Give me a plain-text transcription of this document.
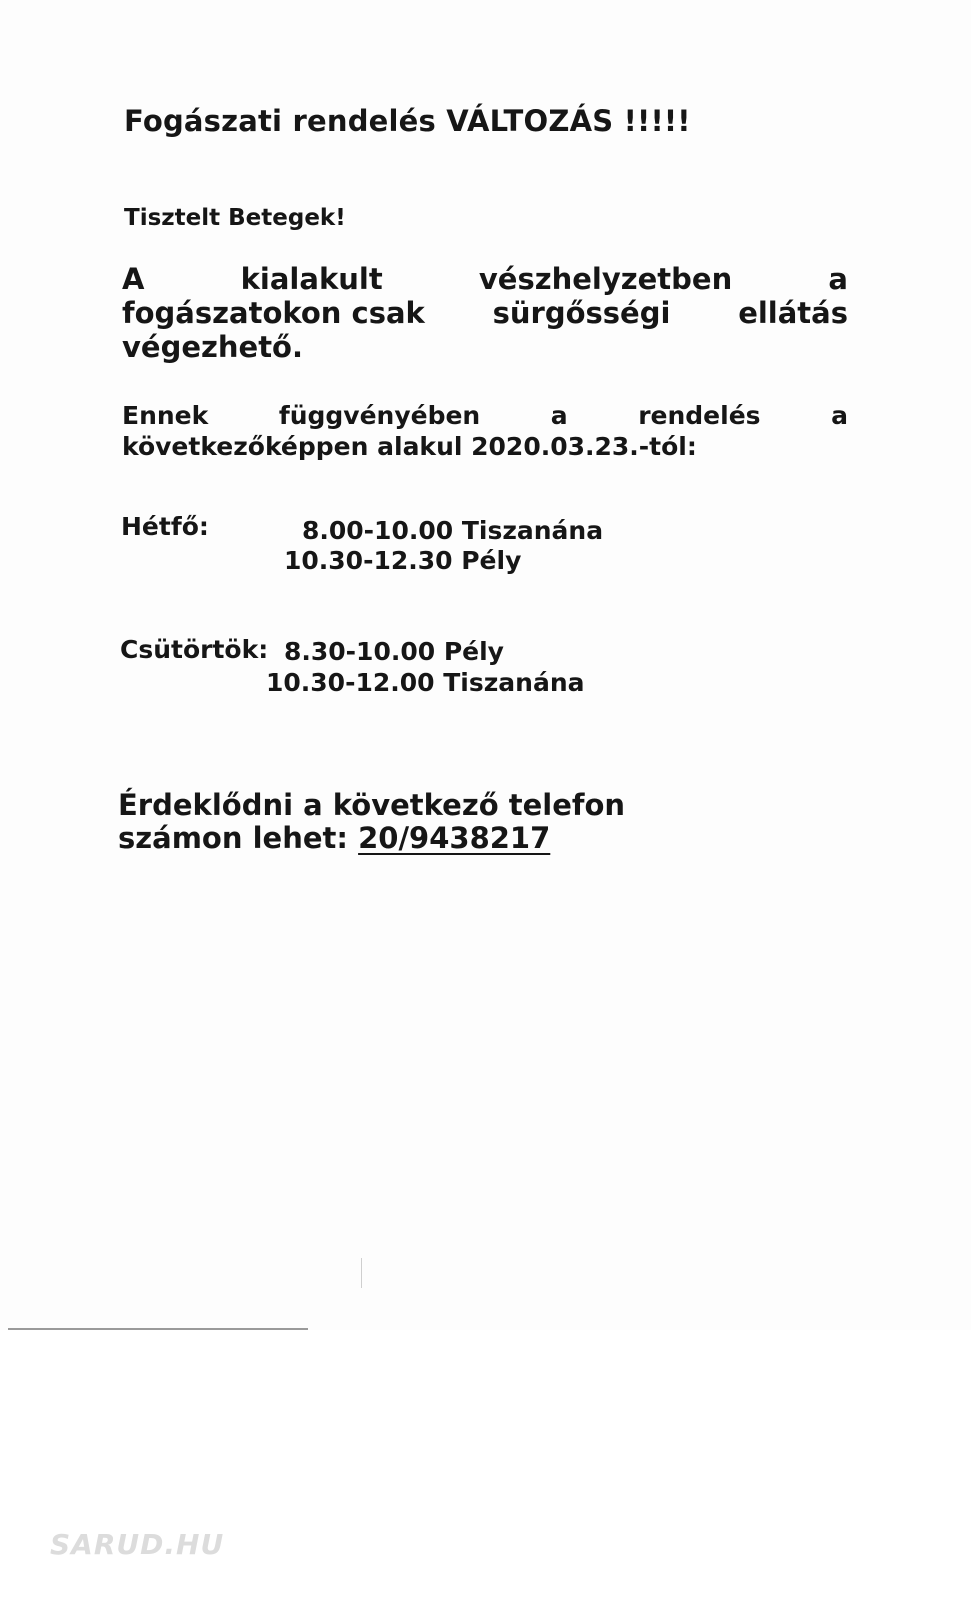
Fogászati rendelés VÁLTOZÁS !!!!!
Tisztelt Betegek!
A	kialakult	vészhelyzetben	a
fogászatokon csak sürgősségi ellátás
végezhető.
Ennek	függvényében	a	rendelés	a
következőképpen alakul 2020.03.23.-tól:
Hétfő:	8.00-10.00 Tiszanána
10.30-12.30 Pély
Csütörtök: 8.30-10.00 Pély
10.30-12.00 Tiszanána
Érdeklődni a következő telefon
számon lehet: 20/9438217
SARUD.HU
